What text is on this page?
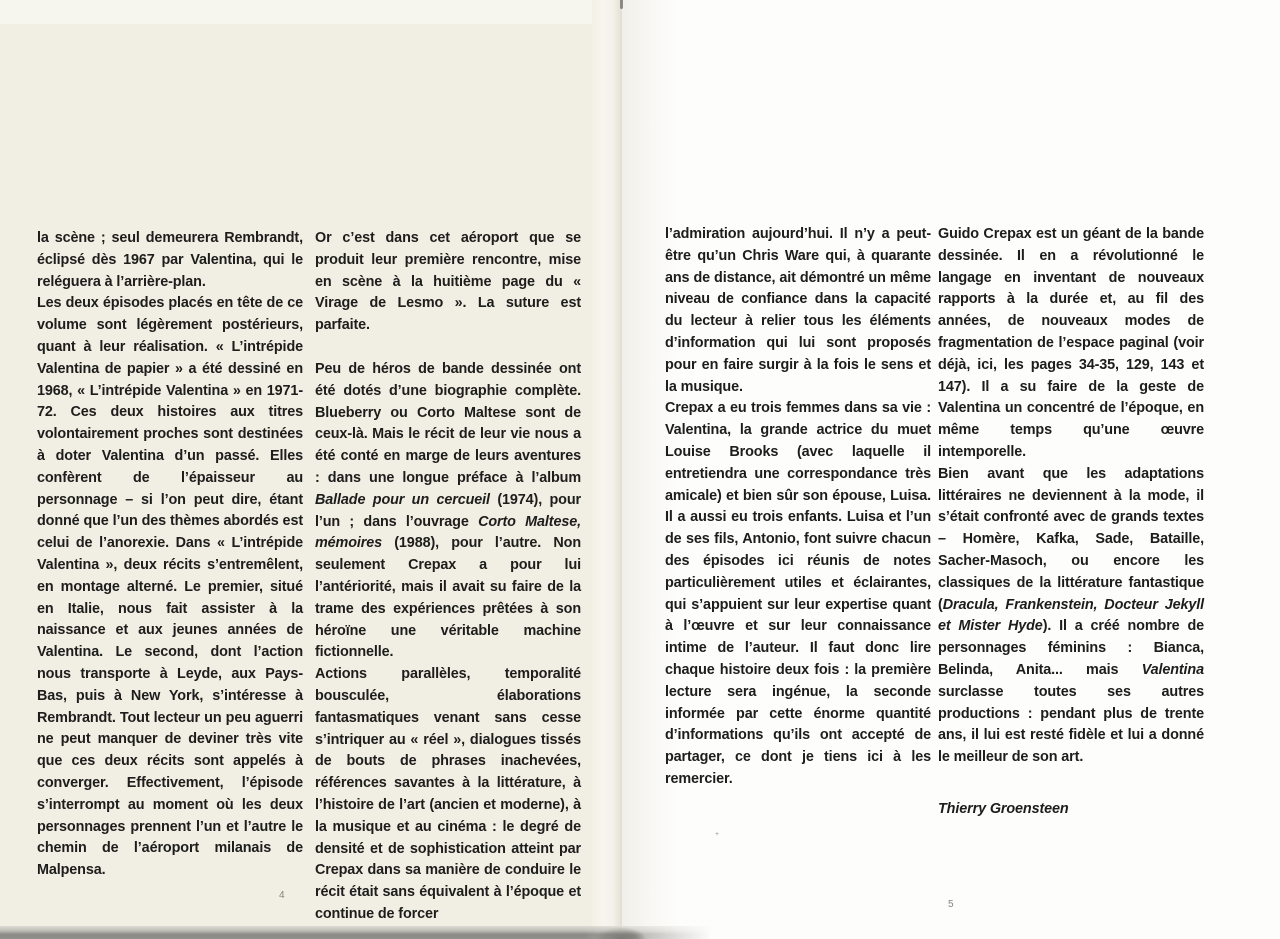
+

la scène ; seul demeurera Rembrandt, éclipsé dès 1967 par Valentina, qui le reléguera à l’arrière-plan.

Les deux épisodes placés en tête de ce volume sont légèrement postérieurs, quant à leur réalisation. « L’intrépide Valentina de papier » a été dessiné en 1968, « L’intrépide Valentina » en 1971-72. Ces deux histoires aux titres volontairement proches sont destinées à doter Valentina d’un passé. Elles confèrent de l’épaisseur au personnage – si l’on peut dire, étant donné que l’un des thèmes abordés est celui de l’anorexie. Dans « L’intrépide Valentina », deux récits s’entremêlent, en montage alterné. Le premier, situé en Italie, nous fait assister à la naissance et aux jeunes années de Valentina. Le second, dont l’action nous transporte à Leyde, aux Pays-Bas, puis à New York, s’intéresse à Rembrandt. Tout lecteur un peu aguerri ne peut manquer de deviner très vite que ces deux récits sont appelés à converger. Effectivement, l’épisode s’interrompt au moment où les deux personnages prennent l’un et l’autre le chemin de l’aéroport milanais de Malpensa.

Or c’est dans cet aéroport que se produit leur première rencontre, mise en scène à la huitième page du « Virage de Lesmo ». La suture est parfaite.

Peu de héros de bande dessinée ont été dotés d’une biographie complète. Blueberry ou Corto Maltese sont de ceux-là. Mais le récit de leur vie nous a été conté en marge de leurs aventures : dans une longue préface à l’album Ballade pour un cercueil (1974), pour l’un ; dans l’ouvrage Corto Maltese, mémoires (1988), pour l’autre. Non seulement Crepax a pour lui l’antériorité, mais il avait su faire de la trame des expériences prêtées à son héroïne une véritable machine fictionnelle.

Actions parallèles, temporalité bousculée, élaborations fantasmatiques venant sans cesse s’intriquer au « réel », dialogues tissés de bouts de phrases inachevées, références savantes à la littérature, à l’histoire de l’art (ancien et moderne), à la musique et au cinéma : le degré de densité et de sophistication atteint par Crepax dans sa manière de conduire le récit était sans équivalent à l’époque et continue de forcer

l’admiration aujourd’hui. Il n’y a peut-être qu’un Chris Ware qui, à quarante ans de distance, ait démontré un même niveau de confiance dans la capacité du lecteur à relier tous les éléments d’information qui lui sont proposés pour en faire surgir à la fois le sens et la musique.

Crepax a eu trois femmes dans sa vie : Valentina, la grande actrice du muet Louise Brooks (avec laquelle il entretiendra une correspondance très amicale) et bien sûr son épouse, Luisa. Il a aussi eu trois enfants. Luisa et l’un de ses fils, Antonio, font suivre chacun des épisodes ici réunis de notes particulièrement utiles et éclairantes, qui s’appuient sur leur expertise quant à l’œuvre et sur leur connaissance intime de l’auteur. Il faut donc lire chaque histoire deux fois : la première lecture sera ingénue, la seconde informée par cette énorme quantité d’informations qu’ils ont accepté de partager, ce dont je tiens ici à les remercier.

Guido Crepax est un géant de la bande dessinée. Il en a révolutionné le langage en inventant de nouveaux rapports à la durée et, au fil des années, de nouveaux modes de fragmentation de l’espace paginal (voir déjà, ici, les pages 34-35, 129, 143 et 147). Il a su faire de la geste de Valentina un concentré de l’époque, en même temps qu’une œuvre intemporelle.

Bien avant que les adaptations littéraires ne deviennent à la mode, il s’était confronté avec de grands textes – Homère, Kafka, Sade, Bataille, Sacher-Masoch, ou encore les classiques de la littérature fantastique (Dracula, Frankenstein, Docteur Jekyll et Mister Hyde). Il a créé nombre de personnages féminins : Bianca, Belinda, Anita... mais Valentina surclasse toutes ses autres productions : pendant plus de trente ans, il lui est resté fidèle et lui a donné le meilleur de son art.

Thierry Groensteen
4
5
